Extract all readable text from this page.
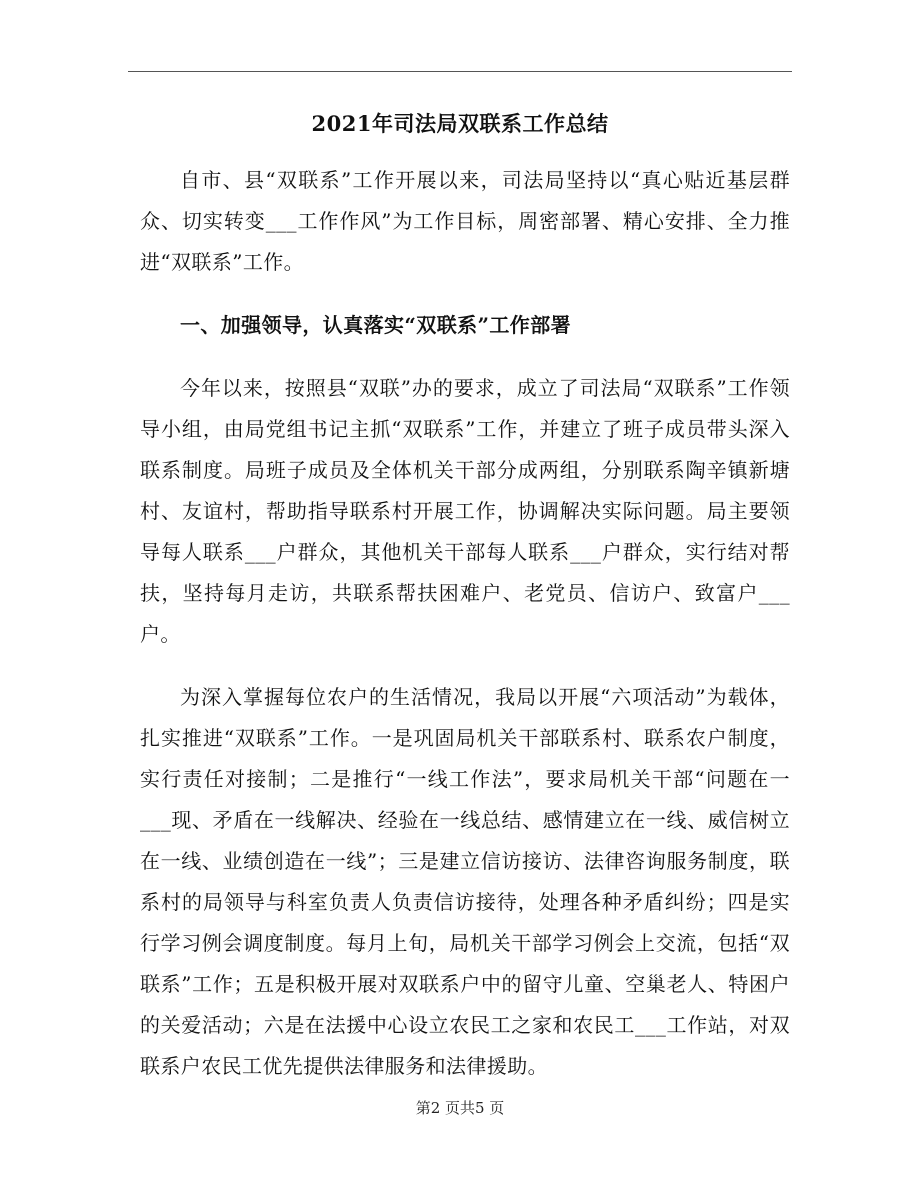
2021年司法局双联系工作总结

自市、县“双联系”工作开展以来，司法局坚持以“真心贴近基层群众、切实转变___工作作风”为工作目标，周密部署、精心安排、全力推进“双联系”工作。

一、加强领导，认真落实“双联系”工作部署

今年以来，按照县“双联”办的要求，成立了司法局“双联系”工作领导小组，由局党组书记主抓“双联系”工作，并建立了班子成员带头深入联系制度。局班子成员及全体机关干部分成两组，分别联系陶辛镇新塘村、友谊村，帮助指导联系村开展工作，协调解决实际问题。局主要领导每人联系___户群众，其他机关干部每人联系___户群众，实行结对帮扶，坚持每月走访，共联系帮扶困难户、老党员、信访户、致富户___户。

为深入掌握每位农户的生活情况，我局以开展“六项活动”为载体，扎实推进“双联系”工作。一是巩固局机关干部联系村、联系农户制度，实行责任对接制；二是推行“一线工作法”，要求局机关干部“问题在一___现、矛盾在一线解决、经验在一线总结、感情建立在一线、威信树立在一线、业绩创造在一线”；三是建立信访接访、法律咨询服务制度，联系村的局领导与科室负责人负责信访接待，处理各种矛盾纠纷；四是实行学习例会调度制度。每月上旬，局机关干部学习例会上交流，包括“双联系”工作；五是积极开展对双联系户中的留守儿童、空巢老人、特困户的关爱活动；六是在法援中心设立农民工之家和农民工___工作站，对双联系户农民工优先提供法律服务和法律援助。

第2 页共5 页
